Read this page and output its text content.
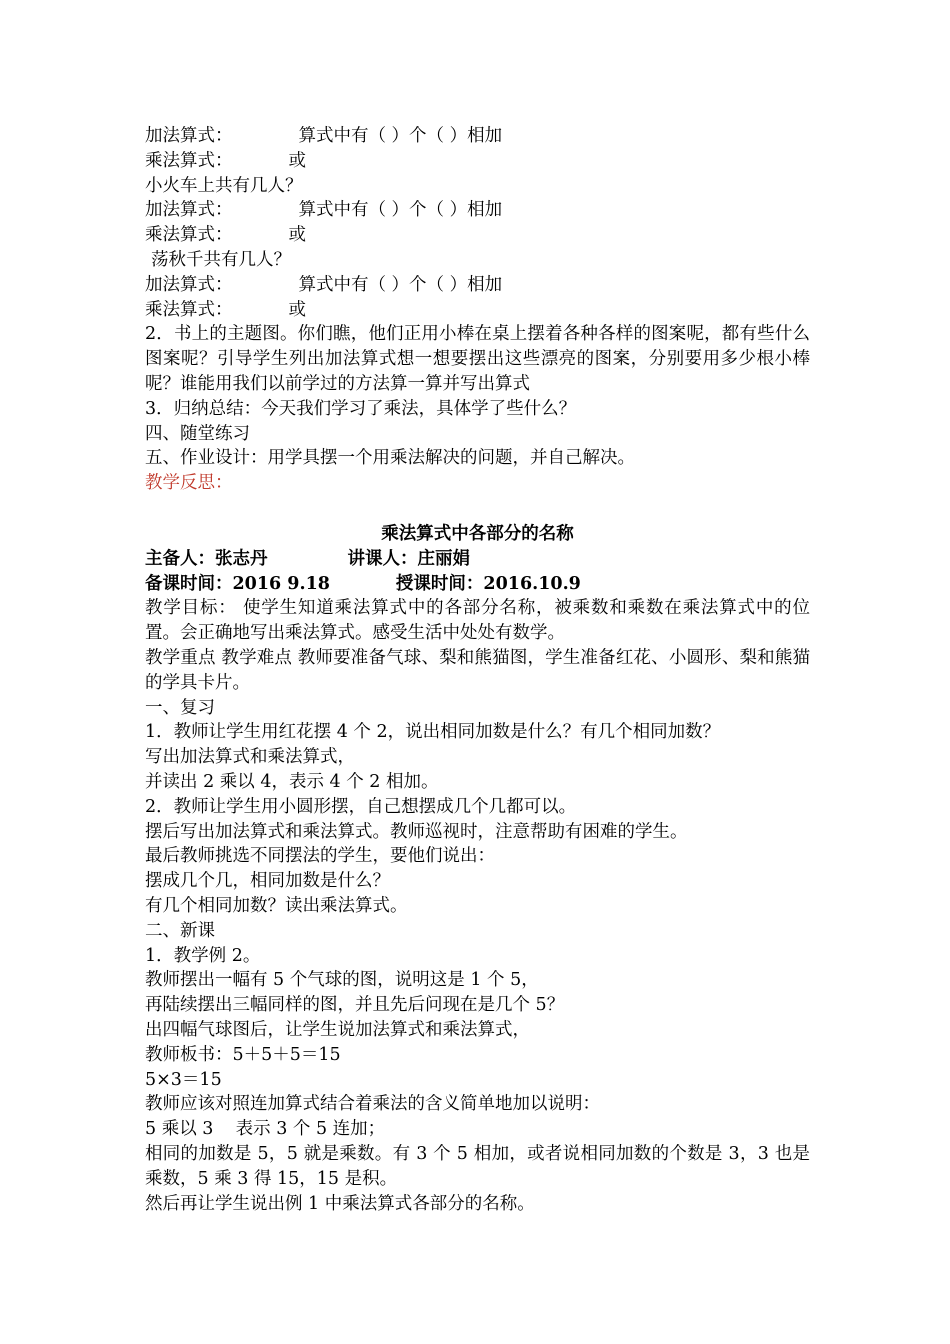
加法算式：	算式中有（ ）个（ ）相加

乘法算式：	或

小火车上共有几人？

加法算式：	算式中有（ ）个（ ）相加

乘法算式：	或

荡秋千共有几人？

加法算式：	算式中有（ ）个（ ）相加

乘法算式：	或

2．书上的主题图。你们瞧，他们正用小棒在桌上摆着各种各样的图案呢，都有些什么图案呢？引导学生列出加法算式想一想要摆出这些漂亮的图案，分别要用多少根小棒呢？谁能用我们以前学过的方法算一算并写出算式

3．归纳总结：今天我们学习了乘法，具体学了些什么？

四、随堂练习

五、作业设计：用学具摆一个用乘法解决的问题，并自己解决。

教学反思：

乘法算式中各部分的名称

主备人：张志丹	讲课人：庄丽娟

备课时间：2016 9.18	授课时间：2016.10.9

教学目标： 使学生知道乘法算式中的各部分名称，被乘数和乘数在乘法算式中的位置。会正确地写出乘法算式。感受生活中处处有数学。

教学重点 教学难点 教师要准备气球、梨和熊猫图，学生准备红花、小圆形、梨和熊猫的学具卡片。

一、复习

1．教师让学生用红花摆 4 个 2，说出相同加数是什么？有几个相同加数？

写出加法算式和乘法算式，

并读出 2 乘以 4，表示 4 个 2 相加。

2．教师让学生用小圆形摆，自己想摆成几个几都可以。

摆后写出加法算式和乘法算式。教师巡视时，注意帮助有困难的学生。

最后教师挑选不同摆法的学生，要他们说出：

摆成几个几，相同加数是什么？

有几个相同加数？读出乘法算式。

二、新课

1．教学例 2。

教师摆出一幅有 5 个气球的图，说明这是 1 个 5，

再陆续摆出三幅同样的图，并且先后问现在是几个 5？

出四幅气球图后，让学生说加法算式和乘法算式，

教师板书：5＋5＋5＝15

5×3＝15

教师应该对照连加算式结合着乘法的含义简单地加以说明：

5 乘以 3    表示 3 个 5 连加；

相同的加数是 5，5 就是乘数。有 3 个 5 相加，或者说相同加数的个数是 3，3 也是乘数，5 乘 3 得 15，15 是积。

然后再让学生说出例 1 中乘法算式各部分的名称。
